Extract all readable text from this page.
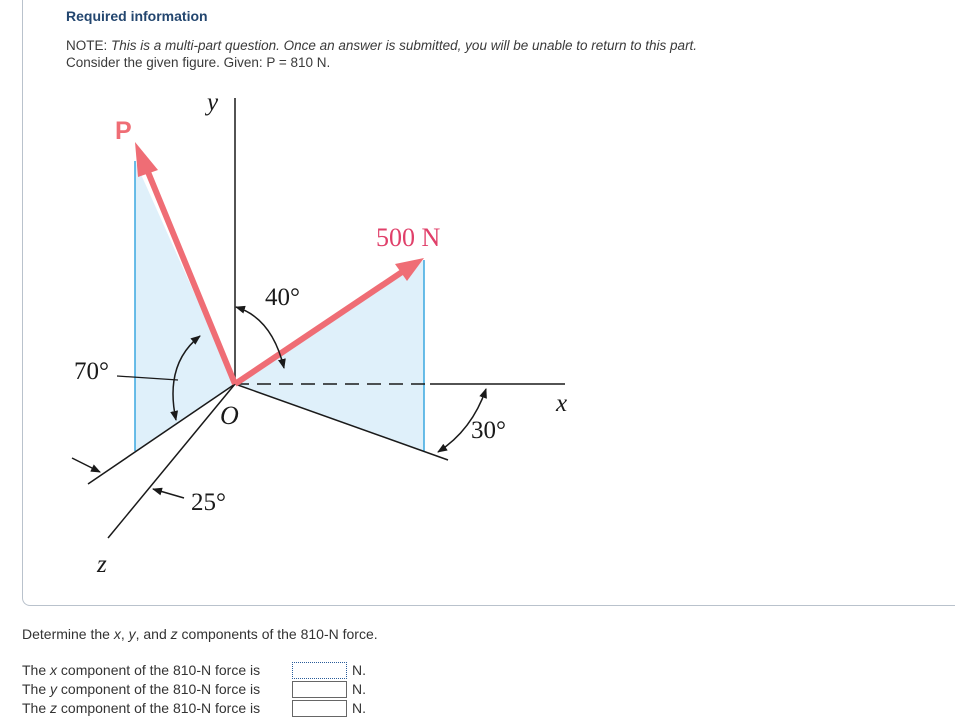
Required information
NOTE: This is a multi-part question. Once an answer is submitted, you will be unable to return to this part.
Consider the given figure. Given: P = 810 N.
P
500 N
40°
70°
25°
30°
O	x
y
z
Determine the x, y, and z components of the 810-N force.
The x component of the 810-N force is	N.
The y component of the 810-N force is	N.
The z component of the 810-N force is	N.
